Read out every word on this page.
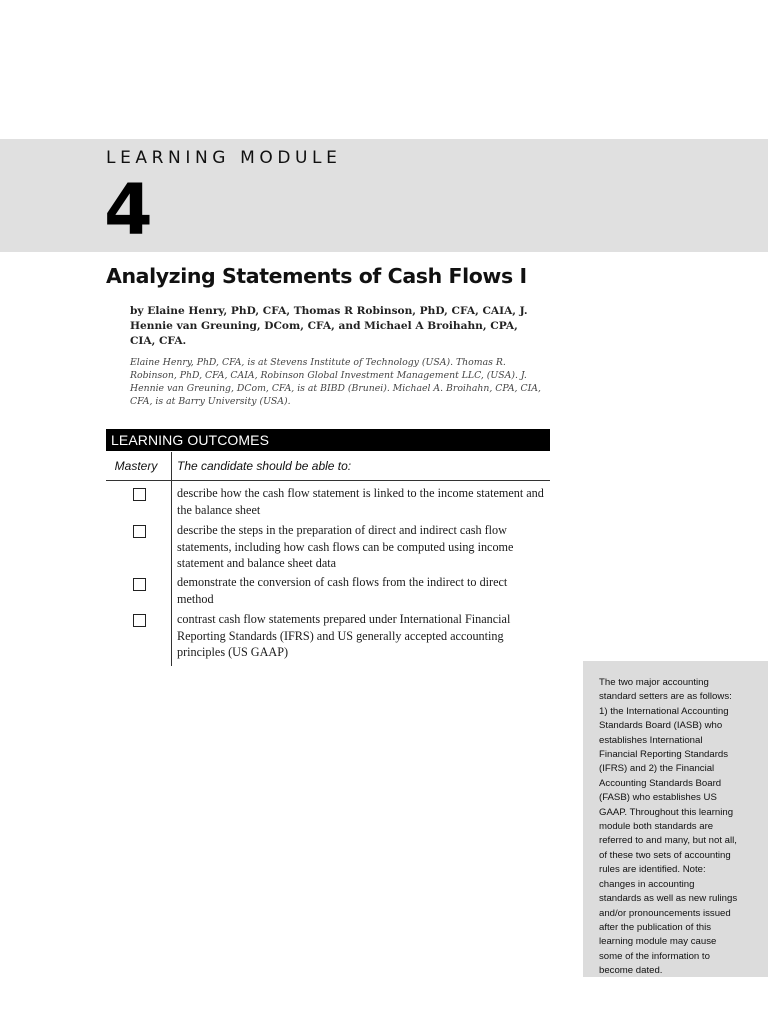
LEARNING MODULE
4
Analyzing Statements of Cash Flows I
by Elaine Henry, PhD, CFA, Thomas R Robinson, PhD, CFA, CAIA, J. Hennie van Greuning, DCom, CFA, and Michael A Broihahn, CPA, CIA, CFA.
Elaine Henry, PhD, CFA, is at Stevens Institute of Technology (USA). Thomas R. Robinson, PhD, CFA, CAIA, Robinson Global Investment Management LLC, (USA). J. Hennie van Greuning, DCom, CFA, is at BIBD (Brunei). Michael A. Broihahn, CPA, CIA, CFA, is at Barry University (USA).
LEARNING OUTCOMES
Mastery	The candidate should be able to:
describe how the cash flow statement is linked to the income statement and the balance sheet
describe the steps in the preparation of direct and indirect cash flow statements, including how cash flows can be computed using income statement and balance sheet data
demonstrate the conversion of cash flows from the indirect to direct method
contrast cash flow statements prepared under International Financial Reporting Standards (IFRS) and US generally accepted accounting principles (US GAAP)

The two major accounting standard setters are as follows: 1) the International Accounting Standards Board (IASB) who establishes International Financial Reporting Standards (IFRS) and 2) the Financial Accounting Standards Board (FASB) who establishes US GAAP. Throughout this learning module both standards are referred to and many, but not all, of these two sets of accounting rules are identified. Note: changes in accounting standards as well as new rulings and/or pronouncements issued after the publication of this learning module may cause some of the information to become dated.
